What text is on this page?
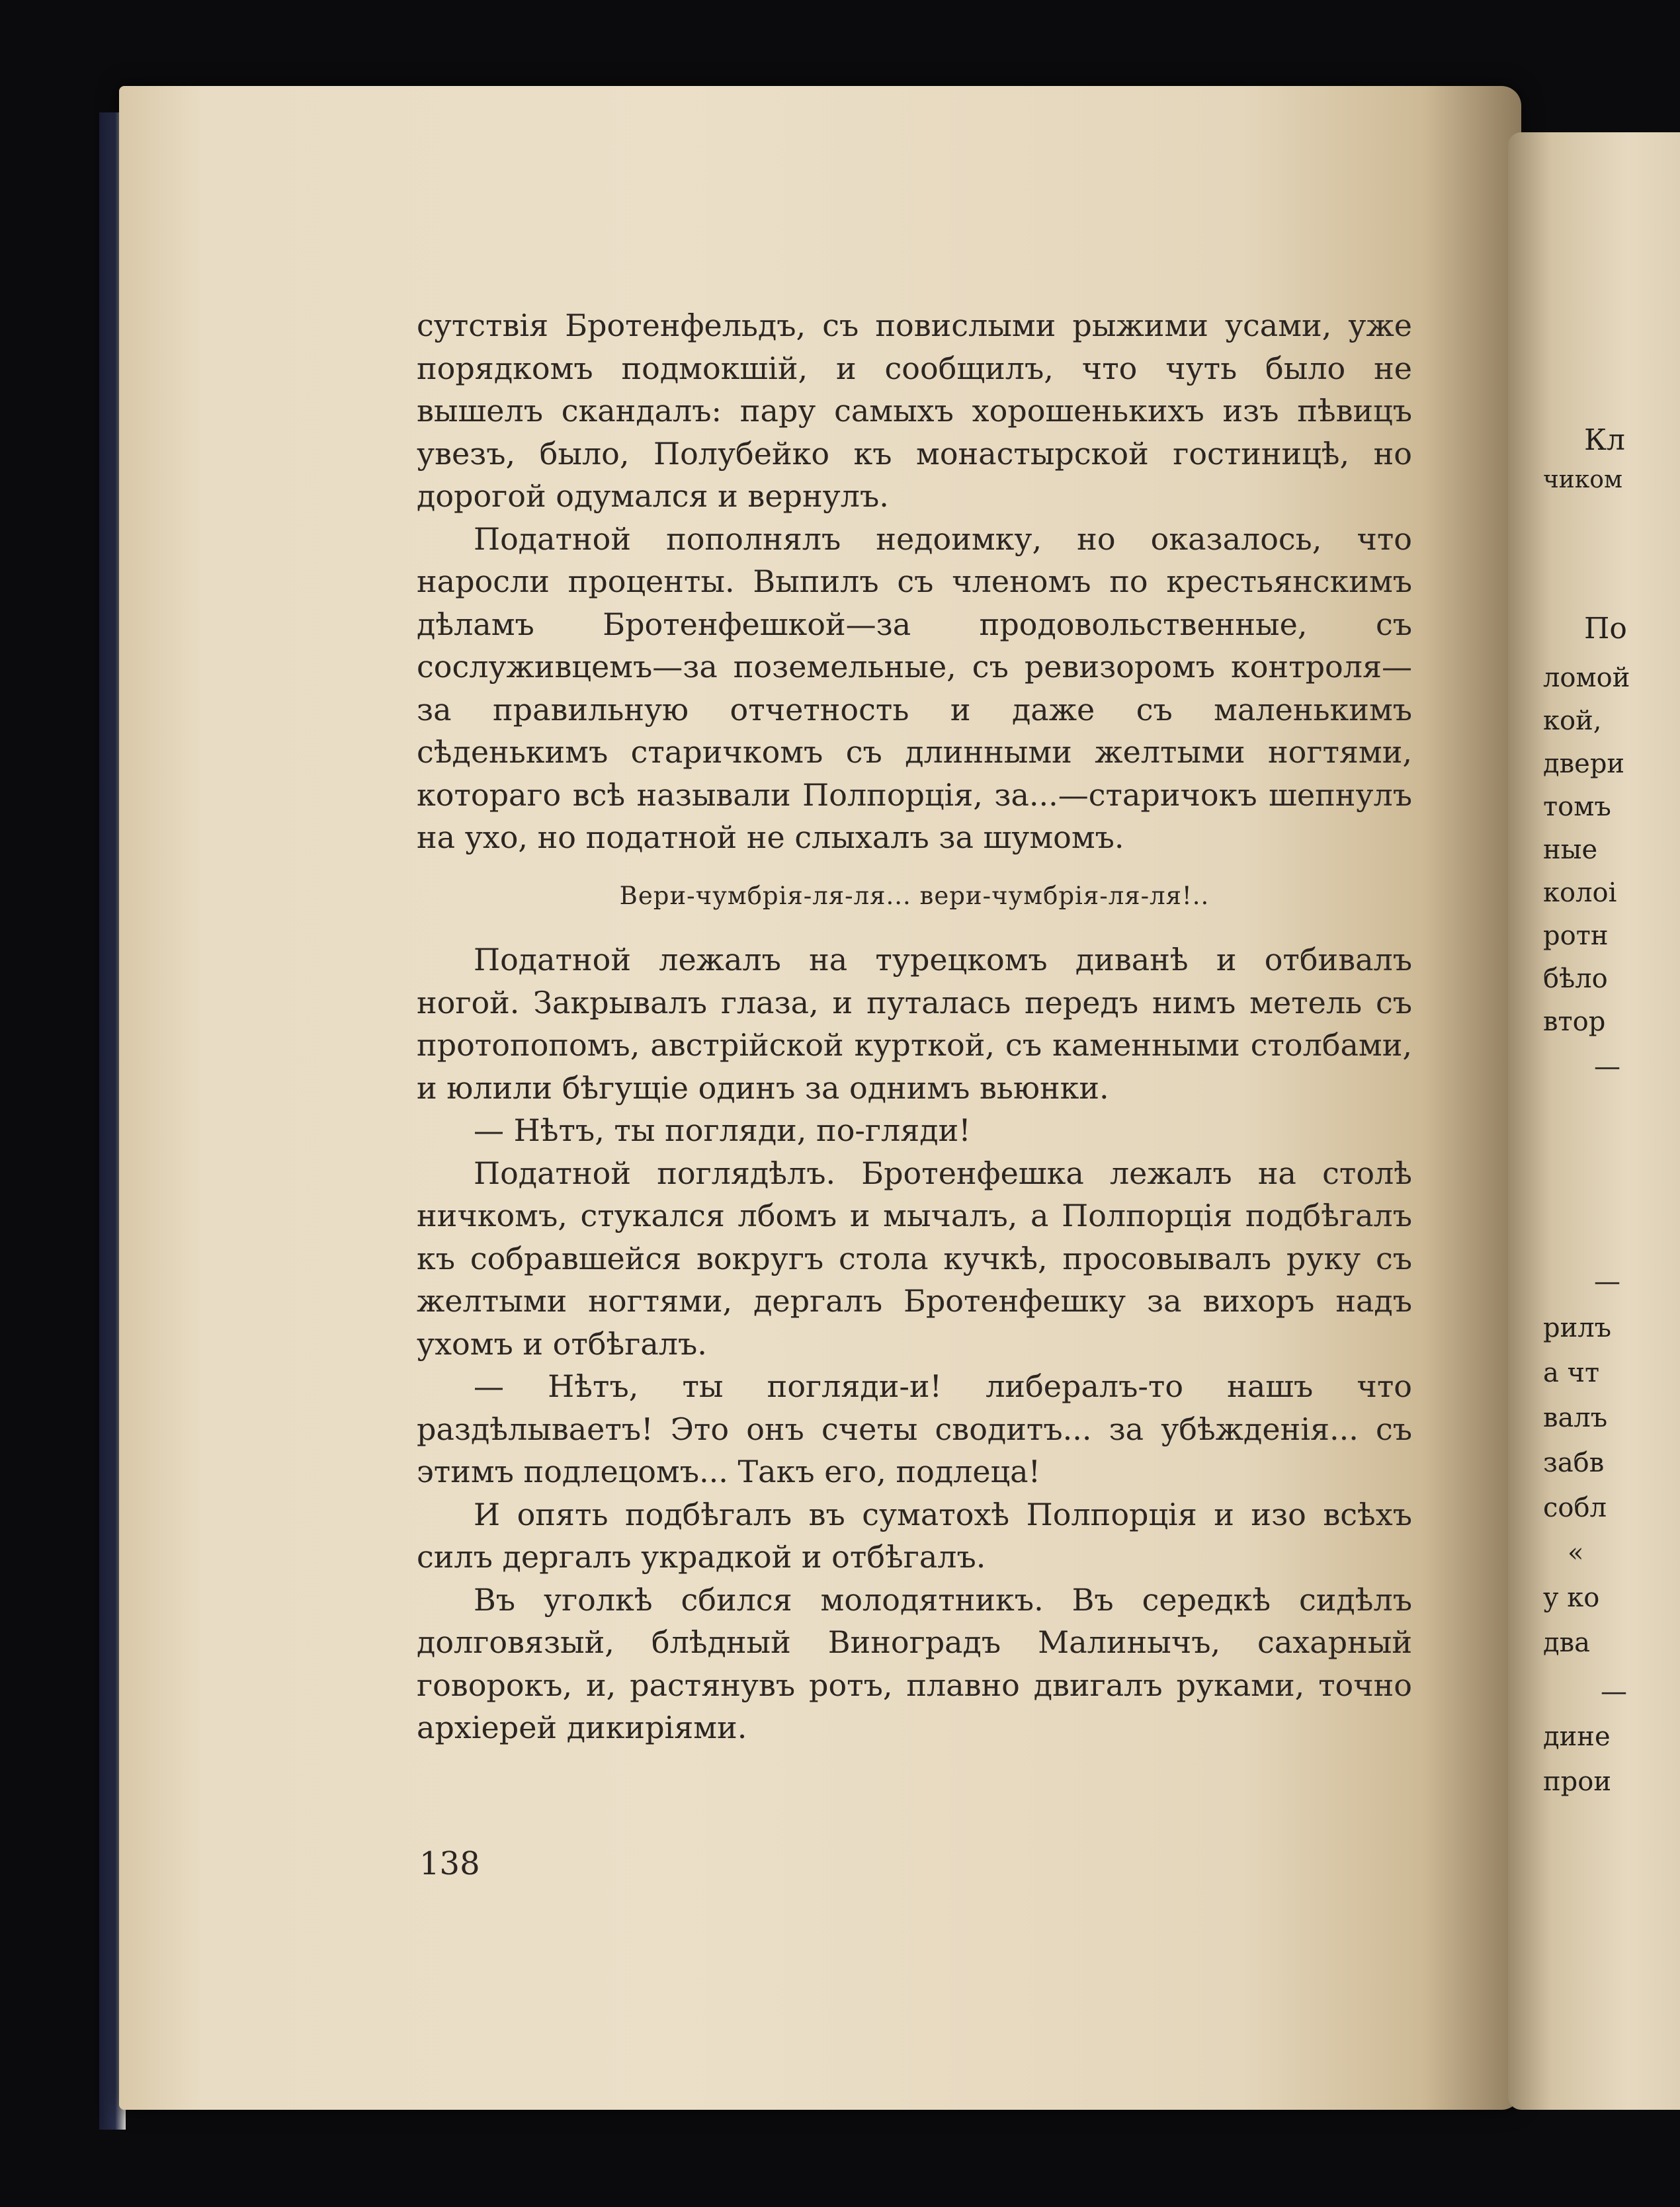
сутствія Бротенфельдъ, съ повислыми рыжими усами, уже порядкомъ подмокшій, и сообщилъ, что чуть было не вышелъ скандалъ: пару самыхъ хорошенькихъ изъ пѣвицъ увезъ, было, Полубейко къ монастырской гостиницѣ, но дорогой одумался и вернулъ.

Податной пополнялъ недоимку, но оказалось, что наросли проценты. Выпилъ съ членомъ по крестьянскимъ дѣламъ Бротенфешкой—за продовольственные, съ сослуживцемъ—за поземельные, съ ревизоромъ контроля—за правильную отчетность и даже съ маленькимъ сѣденькимъ старичкомъ съ длинными желтыми ногтями, котораго всѣ называли Полпорція, за...—старичокъ шепнулъ на ухо, но податной не слыхалъ за шумомъ.

Вери-чумбрія-ля-ля... вери-чумбрія-ля-ля!..

Податной лежалъ на турецкомъ диванѣ и отбивалъ ногой. Закрывалъ глаза, и путалась передъ нимъ метель съ протопопомъ, австрійской курткой, съ каменными столбами, и юлили бѣгущіе одинъ за однимъ вьюнки.

— Нѣтъ, ты погляди, по-гляди!

Податной поглядѣлъ. Бротенфешка лежалъ на столѣ ничкомъ, стукался лбомъ и мычалъ, а Полпорція подбѣгалъ къ собравшейся вокругъ стола кучкѣ, просовывалъ руку съ желтыми ногтями, дергалъ Бротенфешку за вихоръ надъ ухомъ и отбѣгалъ.

— Нѣтъ, ты погляди-и! либералъ-то нашъ что раздѣлываетъ! Это онъ счеты сводитъ... за убѣжденія... съ этимъ подлецомъ... Такъ его, подлеца!

И опять подбѣгалъ въ суматохѣ Полпорція и изо всѣхъ силъ дергалъ украдкой и отбѣгалъ.

Въ уголкѣ сбился молодятникъ. Въ середкѣ сидѣлъ долговязый, блѣдный Виноградъ Малинычъ, сахарный говорокъ, и, растянувъ ротъ, плавно двигалъ руками, точно архіерей дикиріями.

138
Кл
чиком
По
ломой
кой,
двери
томъ
ные
колоі
ротн
бѣло
втор
—
—
рилъ
а чт
валъ
забв
собл
«
у ко
два
—
дине
прои
